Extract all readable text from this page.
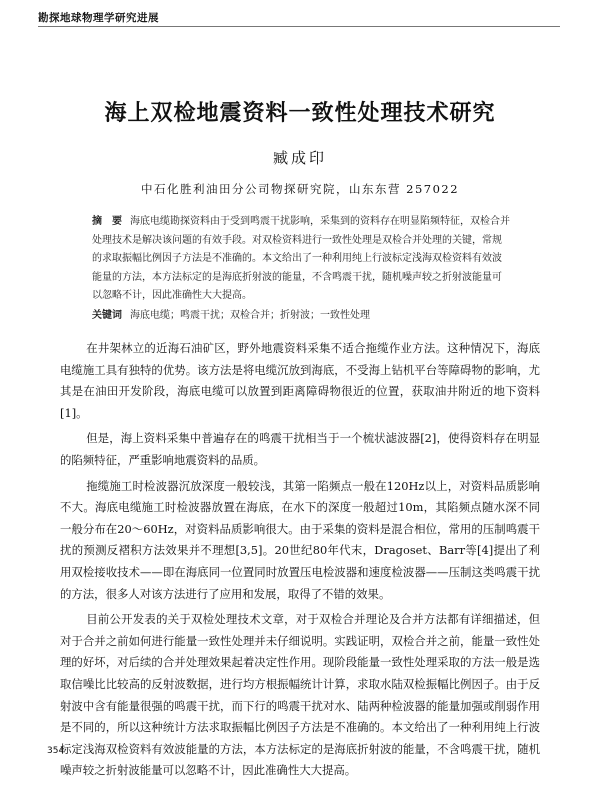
勘探地球物理学研究进展
海上双检地震资料一致性处理技术研究
臧成印
中石化胜利油田分公司物探研究院，山东东营 257022
摘　要 海底电缆勘探资料由于受到鸣震干扰影响，采集到的资料存在明显陷频特征，双检合并处理技术是解决该问题的有效手段。对双检资料进行一致性处理是双检合并处理的关键，常规的求取振幅比例因子方法是不准确的。本文给出了一种利用纯上行波标定浅海双检资料有效波能量的方法，本方法标定的是海底折射波的能量，不含鸣震干扰，随机噪声较之折射波能量可以忽略不计，因此准确性大大提高。
关键词 海底电缆；鸣震干扰；双检合并；折射波；一致性处理

在井架林立的近海石油矿区，野外地震资料采集不适合拖缆作业方法。这种情况下，海底电缆施工具有独特的优势。该方法是将电缆沉放到海底，不受海上钻机平台等障碍物的影响，尤其是在油田开发阶段，海底电缆可以放置到距离障碍物很近的位置，获取油井附近的地下资料[1]。

但是，海上资料采集中普遍存在的鸣震干扰相当于一个梳状滤波器[2]，使得资料存在明显的陷频特征，严重影响地震资料的品质。

拖缆施工时检波器沉放深度一般较浅，其第一陷频点一般在120Hz以上，对资料品质影响不大。海底电缆施工时检波器放置在海底，在水下的深度一般超过10m，其陷频点随水深不同一般分布在20～60Hz，对资料品质影响很大。由于采集的资料是混合相位，常用的压制鸣震干扰的预测反褶积方法效果并不理想[3,5]。20世纪80年代末，Dragoset、Barr等[4]提出了利用双检接收技术——即在海底同一位置同时放置压电检波器和速度检波器——压制这类鸣震干扰的方法，很多人对该方法进行了应用和发展，取得了不错的效果。

目前公开发表的关于双检处理技术文章，对于双检合并理论及合并方法都有详细描述，但对于合并之前如何进行能量一致性处理并未仔细说明。实践证明，双检合并之前，能量一致性处理的好坏，对后续的合并处理效果起着决定性作用。现阶段能量一致性处理采取的方法一般是选取信噪比比较高的反射波数据，进行均方根振幅统计计算，求取水陆双检振幅比例因子。由于反射波中含有能量很强的鸣震干扰，而下行的鸣震干扰对水、陆两种检波器的能量加强或削弱作用是不同的，所以这种统计方法求取振幅比例因子方法是不准确的。本文给出了一种利用纯上行波标定浅海双检资料有效波能量的方法，本方法标定的是海底折射波的能量，不含鸣震干扰，随机噪声较之折射波能量可以忽略不计，因此准确性大大提高。

354
